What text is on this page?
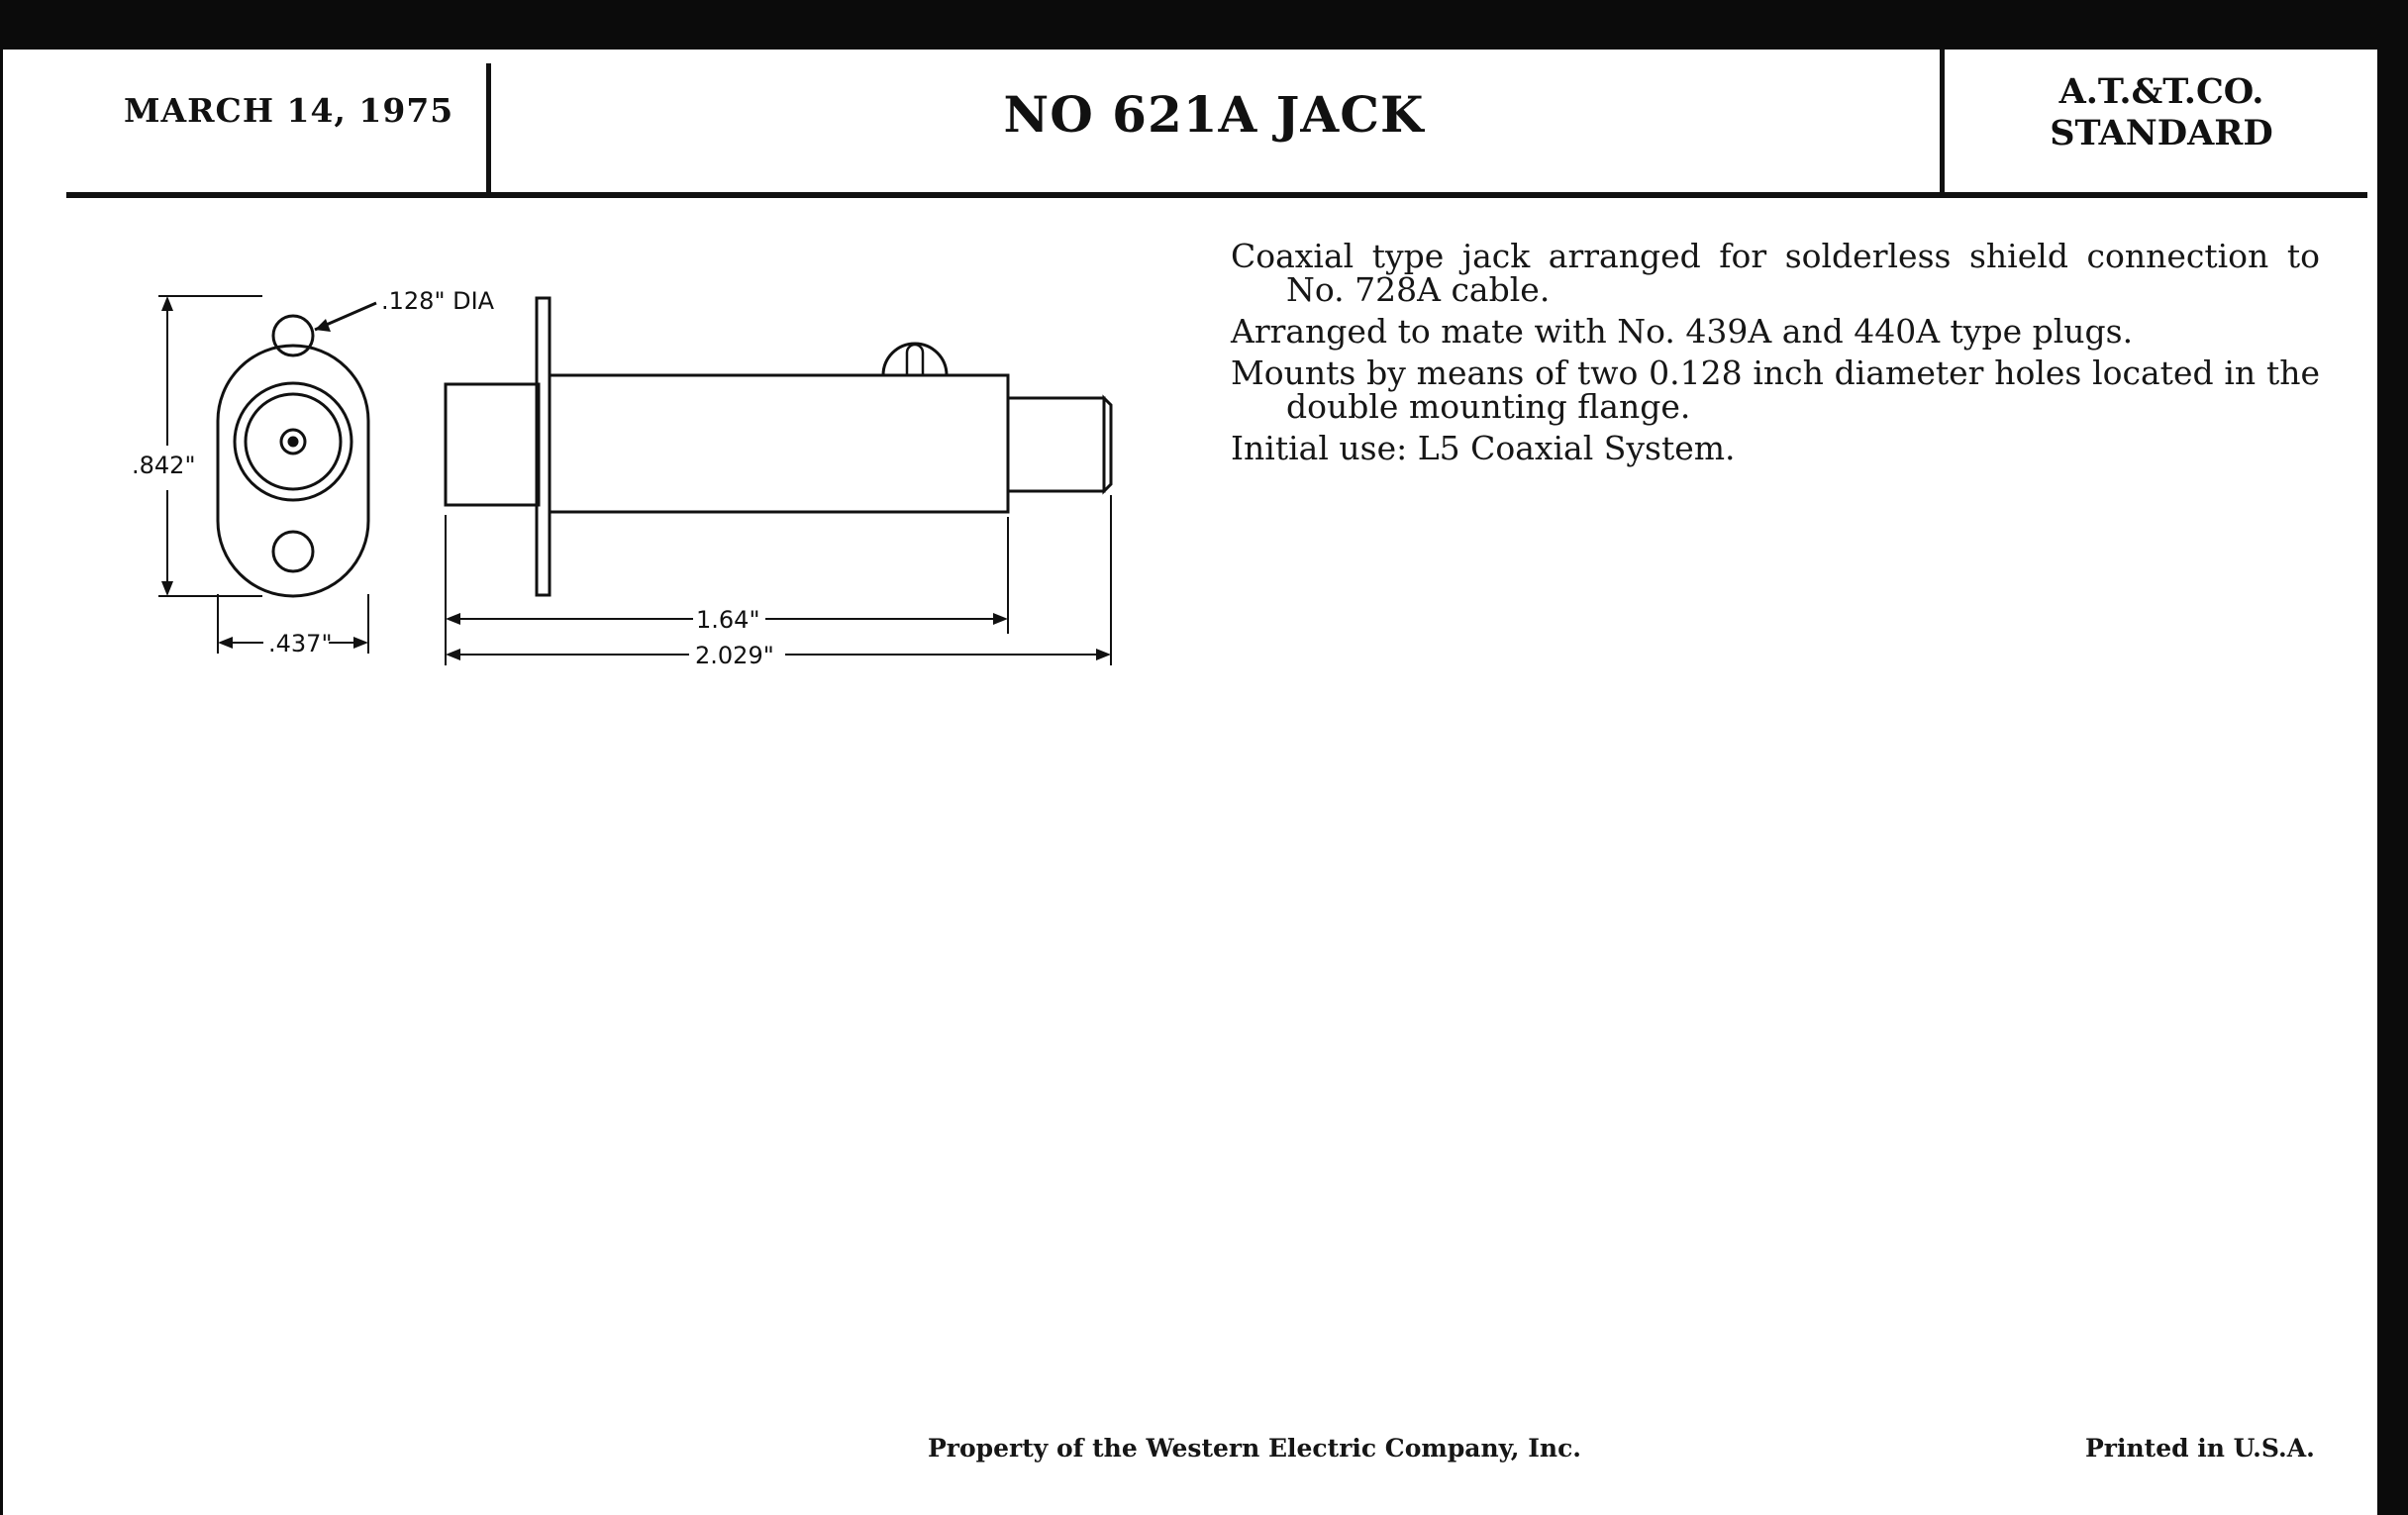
MARCH 14, 1975	NO 621A JACK	A.T.&T.CO.
STANDARD
.128" DIA
.842"
.437"
1.64"
2.029"
Coaxial type jack arranged for solderless shield connection to No. 728A cable.
Arranged to mate with No. 439A and 440A type plugs.
Mounts by means of two 0.128 inch diameter holes located in the double mounting flange.
Initial use: L5 Coaxial System.
Property of the Western Electric Company, Inc.	Printed in U.S.A.
